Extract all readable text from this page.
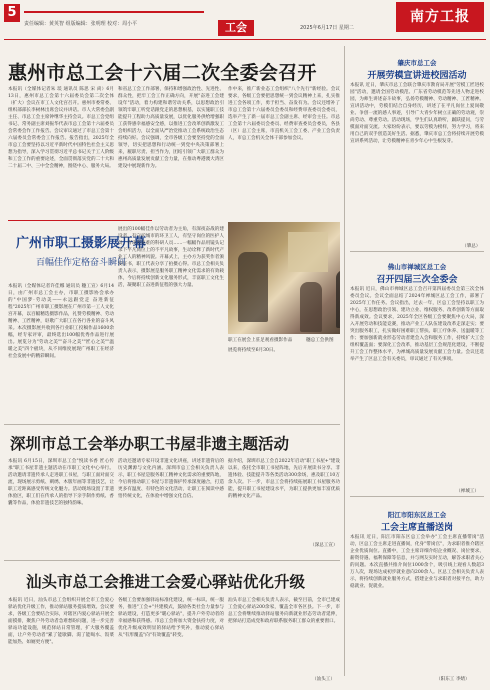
5
责任编辑：黄英智 组版编辑：张明理 校对：周小平	工会	2025年6月17日 星期二
南方工报
惠州市总工会十六届二次全委会召开
本报讯（全媒体记者朱 琰 通讯员 陈思 宋 尚）6月13日，惠州市总工会第十六届委员会第二次全体（扩大）会议在市工人文化宫召开。惠州市委常委、组织部部长李树林出席会议并讲话。市人大常委会副主任、市总工会主席钟继华主持会议。市总工会党组书记、常务副主席刘振华代表市总工会第十六届委员会常委会作工作报告。会议审议通过了市总工会第十六届委员会常委会工作报告。报告指出，2025年全市总工会要坚持以习近平新时代中国特色社会主义思想为指导，深入学习贯彻习近平总书记关于工人阶级和工会工作的重要论述，全面贯彻落实党的二十大和二十届二中、三中全会精神，围绕中心、服务大局。
和省总工会工作部署，保持和增强政治性、先进性、群众性，把牢工会工作正确方向，开展"奋进工会建设年"活动，着力构建和谐劳动关系，以思想政治引领筑牢职工听党话跟党走的思想根基，以实施职工技能提升工程助力高质量发展，以优化服务供给增强职工获得感幸福感安全感，以推进工会改革创新激发工会组织活力，以全面从严治党推动工会系统政治生态持续向好。会议强调，全市各级工会要坚持党的全面领导，切实把思想和行动统一到党中央决策部署上来，履职尽责、担当作为，团结引领广大职工群众为惠州高质量发展贡献工会力量，在推动粤港澳大湾区建设中展现新作为。
作中来，推广新业态工会组织"八个先行"新经验。会议要求，各级工会要把思想统一到会议精神上来，扎实推进工会各项工作，勇于担当、奋发有为。会议还增补了市总工会第十六届委员会委员和经费审查委员会委员，选举产生了新一届市总工会副主席、经审会主任。市总工会第十六届委员会委员、经费审查委员会委员，各县（区）总工会主席，市直机关工会工委、产业工会负责人，市总工会机关全体干部参加会议。
广州市职工摄影展开幕
百幅佳作定格奋斗瞬间
本报讯（全媒体记者许佳娜 通讯员 穗工宣）6月14日，由广州市总工会主办，市职工摄影协会承办的"中国梦·劳动美——永远跟党走 奋进新征程"2025年广州市职工摄影展在广州市第一工人文化宫开幕，以百幅精选摄影作品，礼赞劳模精神、劳动精神、工匠精神，讴歌广大职工在各行各业的奋斗风采。本次摄影展共收到各行业职工投稿作品1600余幅，经专家评审，最终选出100幅优秀作品进行展出。展览分为"劳动之美""奋斗之美""匠心之美""温暖之美"四个板块，从不同维度展现广州职工在经济社会发展中的精彩瞬间。
展出的100幅佳作以劳动者为主角，有深夜奋战的建设者、有守护城市的环卫工人，有坚守岗位的医护人员，有攻坚克难的科研人员……一幅幅作品用镜头记录下平凡岗位上的不平凡故事，生动诠释了新时代产业工人的精神风貌。开幕式上，主办方为获奖作者颁发证书，职工代表分享了拍摄心得。市总工会相关负责人表示，摄影展是服务职工精神文化需求的有效载体，今后将持续创新文化服务形式，丰富职工文化生活，凝聚职工奋进新征程的强大力量。
职工在展会上驻足观看摄影作品	穗总工会供图
展览将持续至6月30日。
深圳市总工会举办职工书屋非遗主题活动
本报讯 6月15日，深圳市总工会"悦读书香 匠心传承"职工书屋非遗主题活动在市职工文化中心举行。活动邀请非遗传承人走进职工书屋，与职工面对面交流，现场展示剪纸、刺绣、木版年画等非遗技艺，让职工近距离感受传统文化魅力。活动现场设置了非遗体验区，职工们在传承人的指导下亲手制作剪纸、香囊等作品，体验非遗技艺的独特韵味。
活动还邀请专家开设非遗文化讲座，讲述非遗背后的历史渊源与文化内涵。深圳市总工会相关负责人表示，职工书屋是服务职工精神文化需求的重要阵地，今后将推动职工书屋与非遗保护传承深度融合，打造更多有温度、有特色的文化活动，让职工在阅读中感悟传统文化，在体验中增强文化自信。
据介绍，深圳市总工会自2022年启动"职工书屋+"建设以来，依托全市职工书屋阵地，先后开展读书分享、非遗体验、技能提升等各类活动300余场，惠及职工10万余人次。下一步，市总工会将持续拓展职工书屋服务功能，提升职工书屋建设水平，为职工提供更加丰富优质的精神文化产品。
（深总工宣）
汕头市总工会推进工会爱心驿站优化升级
本报讯 近日，汕头市总工会组织开展全市工会爱心驿站优化升级工作，推动驿站服务提质增效。会议要求，各级工会要结合实际，对辖区内爱心驿站开展全面摸排，聚焦户外劳动者急难愁盼问题，进一步完善驿站功能设施，规范驿站日常管理，扩大服务覆盖面，让户外劳动者"累了能歇脚、渴了能喝水、饭菜能加热、如厕更方便"。
各级工会要加强驿站标准化建设，统一标识、统一服务，推进"工会+"共建模式，鼓励各类社会力量参与驿站建设，打造更多"暖心驿站"，提升户外劳动者的幸福感和获得感。市总工会将加大资金扶持力度，对优化升级成效明显的驿站给予奖补，推动爱心驿站从"有形覆盖"向"有效覆盖"转变。
汕头市总工会相关负责人表示，截至目前，全市已建成工会爱心驿站200余家，覆盖全市各区县。下一步，市总工会将继续推动驿站服务向新就业形态劳动者延伸，把驿站打造成党和政府联系服务职工群众的重要窗口。
（汕头工）
肇庆市总工会
开展劳模宣讲进校园活动
本报讯 近日，肇庆市总工会联合肇庆市教育局开展"劳模工匠进校园"活动，邀请全国劳动模范、广东省劳动模范等先进人物走进校园，为师生讲述奋斗故事，弘扬劳模精神、劳动精神、工匠精神。宣讲活动中，劳模们结合自身经历，讲述了在平凡岗位上爱岗敬业、争创一流的感人事迹，引导广大青少年树立正确的劳动观，崇尚劳动、尊重劳动。活动现场，学生们认真聆听，踊跃提问，与劳模面对面交流。大家纷纷表示，要以劳模为榜样，努力学习，将来用自己的双手创造美好生活。据悉，肇庆市总工会将持续开展劳模宣讲系列活动，让劳模精神在青少年心中生根发芽。
（肇总）
佛山市禅城区总工会
召开四届三次全委会
本报讯 近日，佛山市禅城区总工会召开第四届委员会第三次全体委员会议。会议全面总结了2024年禅城区总工会工作，部署了2025年工作任务。会议指出，过去一年，区总工会坚持以职工为中心，在思想政治引领、建功立业、维权服务、改革创新等方面取得新成效。会议要求，2025年全区各级工会要聚焦中心大局，深入开展劳动和技能竞赛，推动产业工人队伍建设改革走深走实；要突出服务职工，扎实做好困难职工帮扶、职工疗休养、送温暖等工作；要加强新就业形态劳动者建会入会和服务工作，持续扩大工会组织覆盖面；要深化工会改革，推动基层工会规范化建设，不断提升工会工作整体水平，为禅城高质量发展贡献工会力量。会议还选举产生了区总工会有关委员，审议通过了有关事项。
（禅城工）
阳江市阳东区总工会
工会主席直播送岗
本报讯 近日，阳江市阳东区总工会举办"工会主席直播带岗"活动，区总工会主席走进直播间，化身"带岗官"，为求职者推介辖区企业优质岗位。直播中，工会主席详细介绍企业概况、岗位要求、薪资待遇、福利保障等信息，并与网友实时互动，解答求职者关心的问题。本次直播共推介岗位1000余个，吸引线上观看人数超3万人次，现场达成初步就业意向200余人。区总工会相关负责人表示，将持续创新就业服务方式，搭建企业与求职者对接平台，助力稳就业、促就业。
（阳东工 李婧）
